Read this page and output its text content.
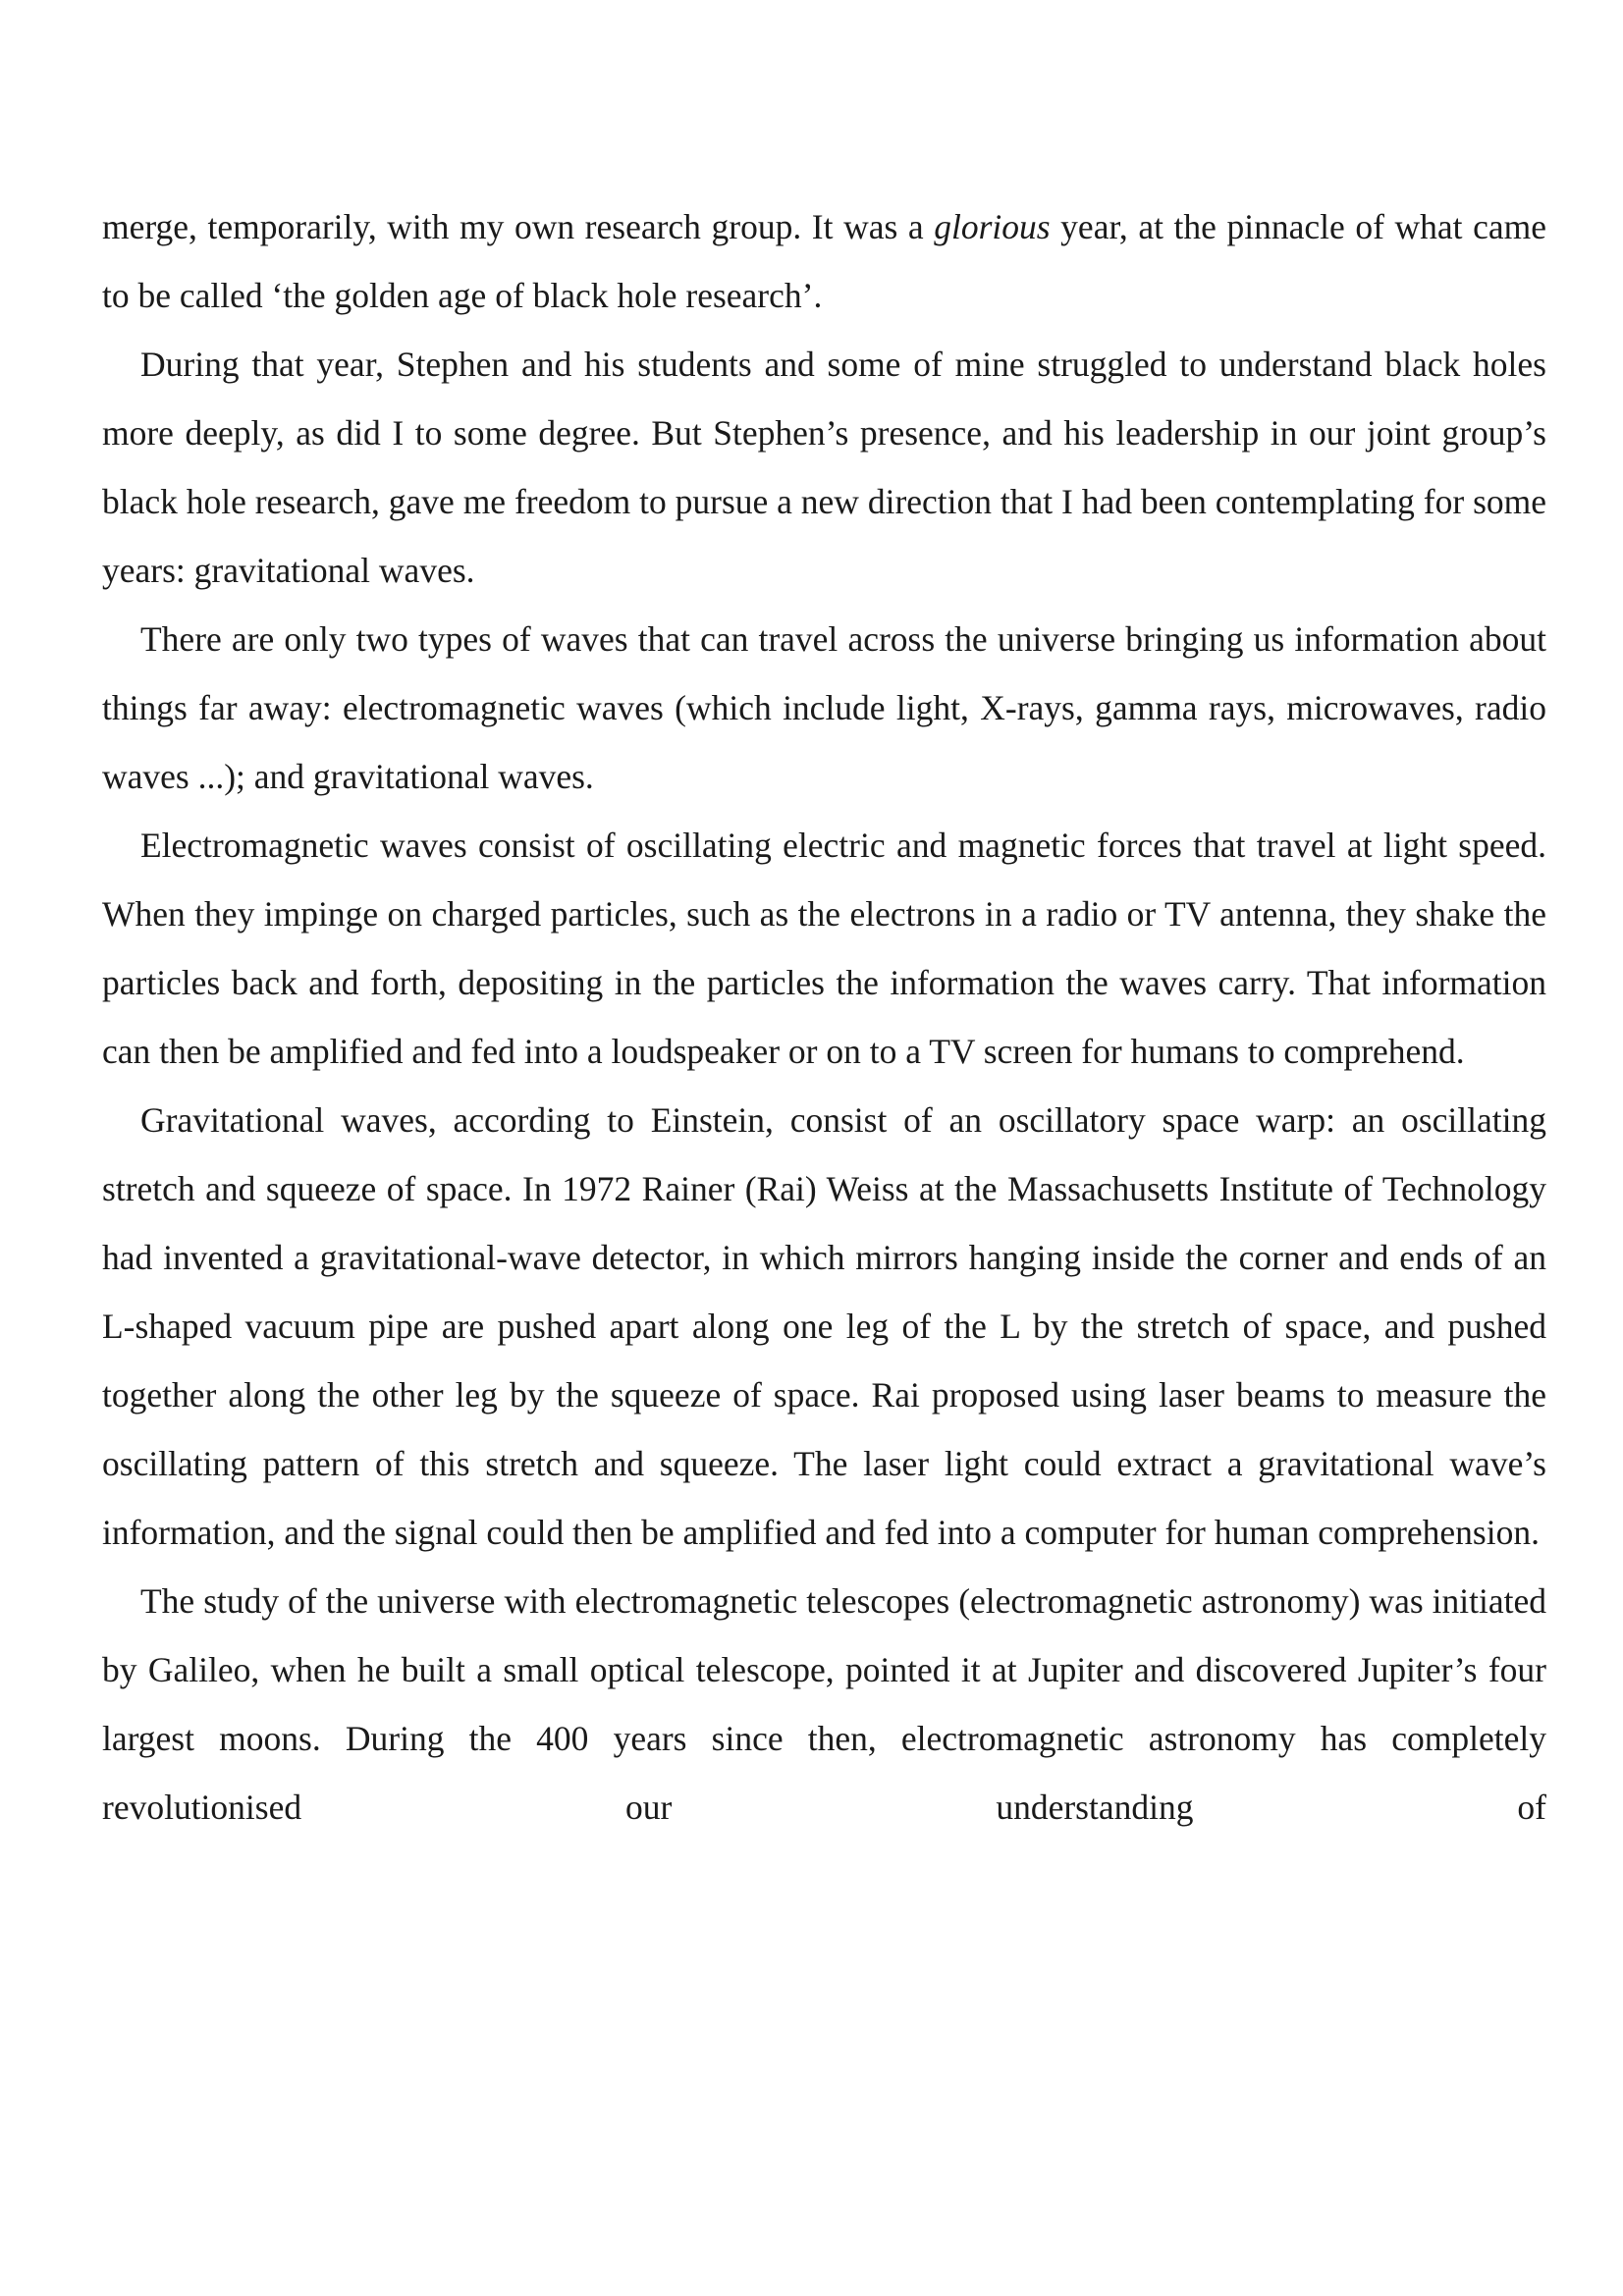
merge, temporarily, with my own research group. It was a glorious year, at the pinnacle of what came to be called ‘the golden age of black hole research’.

During that year, Stephen and his students and some of mine struggled to understand black holes more deeply, as did I to some degree. But Stephen’s presence, and his leadership in our joint group’s black hole research, gave me freedom to pursue a new direction that I had been contemplating for some years: gravitational waves.

There are only two types of waves that can travel across the universe bringing us information about things far away: electromagnetic waves (which include light, X-rays, gamma rays, microwaves, radio waves ...); and gravitational waves.

Electromagnetic waves consist of oscillating electric and magnetic forces that travel at light speed. When they impinge on charged particles, such as the electrons in a radio or TV antenna, they shake the particles back and forth, depositing in the particles the information the waves carry. That information can then be amplified and fed into a loudspeaker or on to a TV screen for humans to comprehend.

Gravitational waves, according to Einstein, consist of an oscillatory space warp: an oscillating stretch and squeeze of space. In 1972 Rainer (Rai) Weiss at the Massachusetts Institute of Technology had invented a gravitational-wave detector, in which mirrors hanging inside the corner and ends of an L-shaped vacuum pipe are pushed apart along one leg of the L by the stretch of space, and pushed together along the other leg by the squeeze of space. Rai proposed using laser beams to measure the oscillating pattern of this stretch and squeeze. The laser light could extract a gravitational wave’s information, and the signal could then be amplified and fed into a computer for human comprehension.

The study of the universe with electromagnetic telescopes (electromagnetic astronomy) was initiated by Galileo, when he built a small optical telescope, pointed it at Jupiter and discovered Jupiter’s four largest moons. During the 400 years since then, electromagnetic astronomy has completely revolutionised our understanding of
